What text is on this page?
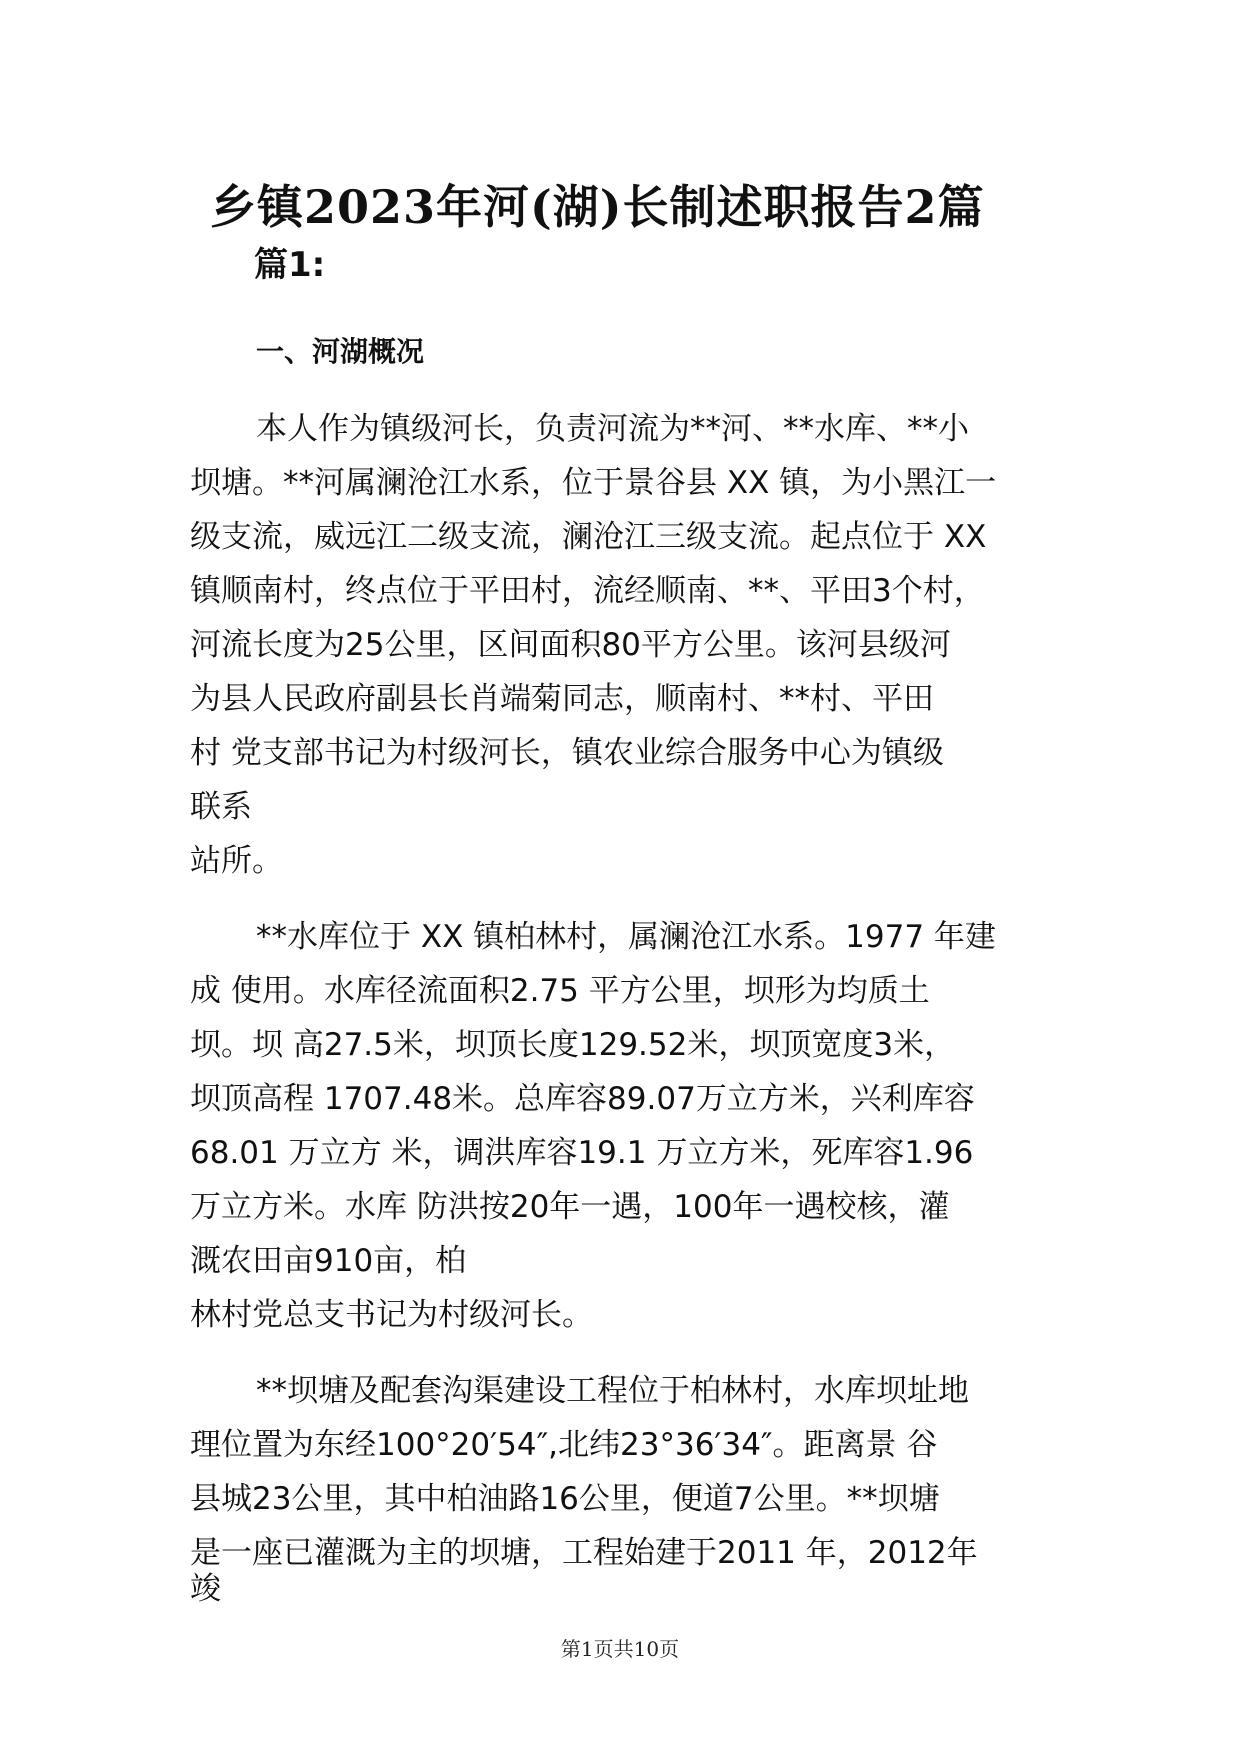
乡镇2023年河(湖)长制述职报告2篇
篇1:
一、河湖概况
本人作为镇级河长，负责河流为**河、**水库、**小
坝塘。**河属澜沧江水系，位于景谷县 XX 镇，为小黑江一
级支流，威远江二级支流，澜沧江三级支流。起点位于 XX
镇顺南村，终点位于平田村，流经顺南、**、平田3个村，
河流长度为25公里，区间面积80平方公里。该河县级河
为县人民政府副县长肖端菊同志，顺南村、**村、平田
村 党支部书记为村级河长，镇农业综合服务中心为镇级
联系
站所。
**水库位于 XX 镇柏林村，属澜沧江水系。1977 年建
成 使用。水库径流面积2.75 平方公里，坝形为均质土
坝。坝 高27.5米，坝顶长度129.52米，坝顶宽度3米，
坝顶高程 1707.48米。总库容89.07万立方米，兴利库容
68.01 万立方 米，调洪库容19.1 万立方米，死库容1.96
万立方米。水库 防洪按20年一遇，100年一遇校核，灌
溉农田亩910亩，柏
林村党总支书记为村级河长。
**坝塘及配套沟渠建设工程位于柏林村，水库坝址地
理位置为东经100°20′54″,北纬23°36′34″。距离景 谷
县城23公里，其中柏油路16公里，便道7公里。**坝塘
是一座已灌溉为主的坝塘，工程始建于2011 年，2012年
竣
第1页共10页
